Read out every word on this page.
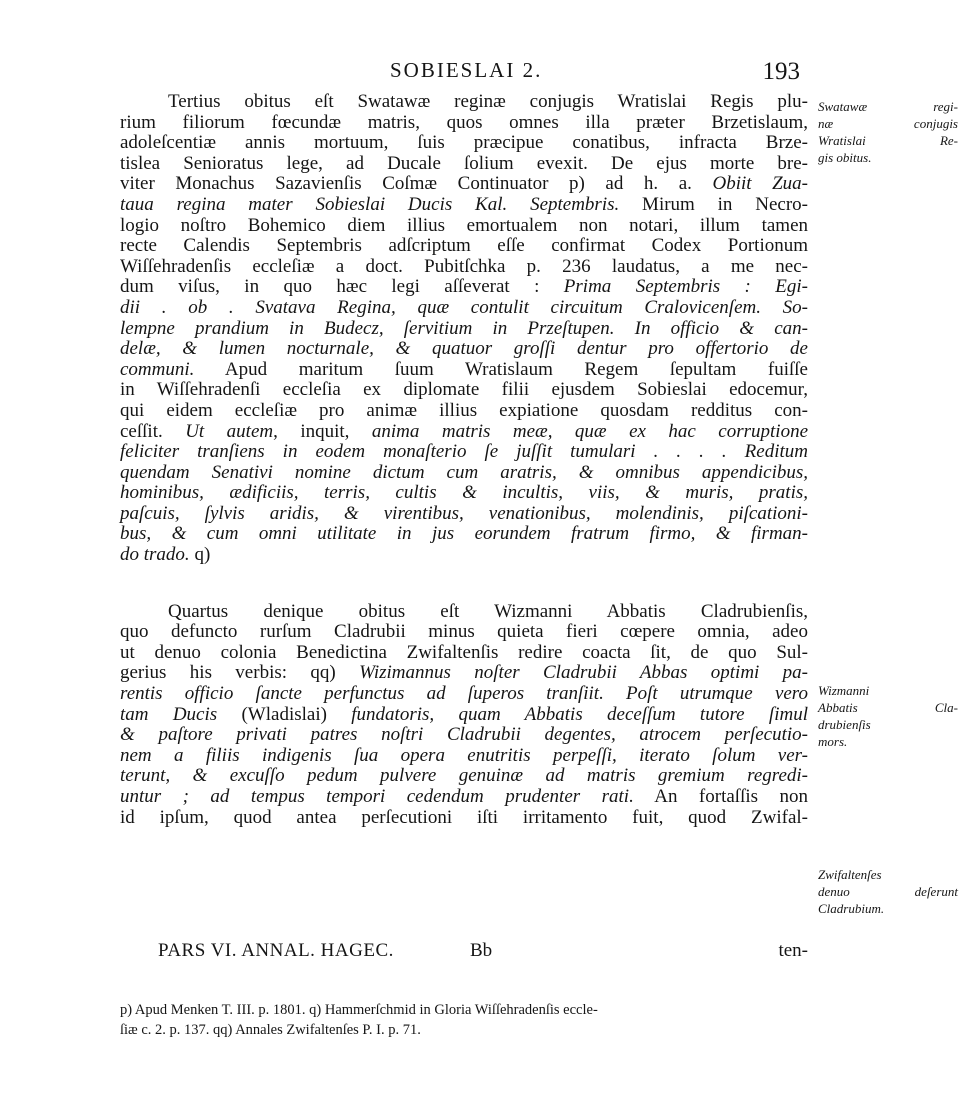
SOBIESLAI 2.	193
Tertius obitus eſt Swatawæ reginæ conjugis Wratislai Regis plu-
rium filiorum fœcundæ matris, quos omnes illa præter Brzetislaum,
adoleſcentiæ annis mortuum, ſuis præcipue conatibus, infracta Brze-
tislea Senioratus lege, ad Ducale ſolium evexit. De ejus morte bre-
viter Monachus Sazavienſis Coſmæ Continuator p) ad h. a. Obiit Zua-
taua regina mater Sobieslai Ducis Kal. Septembris. Mirum in Necro-
logio noſtro Bohemico diem illius emortualem non notari, illum tamen
recte Calendis Septembris adſcriptum eſſe confirmat Codex Portionum
Wiſſehradenſis eccleſiæ a doct. Pubitſchka p. 236 laudatus, a me nec-
dum viſus, in quo hæc legi aſſeverat : Prima Septembris : Egi-
dii . ob . Svatava Regina, quæ contulit circuitum Cralovicenſem. So-
lempne prandium in Budecz, ſervitium in Przeſtupen. In officio & can-
delæ, & lumen nocturnale, & quatuor groſſi dentur pro offertorio de
communi. Apud maritum ſuum Wratislaum Regem ſepultam fuiſſe
in Wiſſehradenſi eccleſia ex diplomate filii ejusdem Sobieslai edocemur,
qui eidem eccleſiæ pro animæ illius expiatione quosdam redditus con-
ceſſit. Ut autem, inquit, anima matris meæ, quæ ex hac corruptione
feliciter tranſiens in eodem monaſterio ſe juſſit tumulari . . . . Reditum
quendam Senativi nomine dictum cum aratris, & omnibus appendicibus,
hominibus, ædificiis, terris, cultis & incultis, viis, & muris, pratis,
paſcuis, ſylvis aridis, & virentibus, venationibus, molendinis, piſcationi-
bus, & cum omni utilitate in jus eorundem fratrum firmo, & firman-
do trado. q)
Quartus denique obitus eſt Wizmanni Abbatis Cladrubienſis,
quo defuncto rurſum Cladrubii minus quieta fieri cœpere omnia, adeo
ut denuo colonia Benedictina Zwifaltenſis redire coacta ſit, de quo Sul-
gerius his verbis: qq) Wizimannus noſter Cladrubii Abbas optimi pa-
rentis officio ſancte perfunctus ad ſuperos tranſiit. Poſt utrumque vero
tam Ducis (Wladislai) fundatoris, quam Abbatis deceſſum tutore ſimul
& paſtore privati patres noſtri Cladrubii degentes, atrocem perſecutio-
nem a filiis indigenis ſua opera enutritis perpeſſi, iterato ſolum ver-
terunt, & excuſſo pedum pulvere genuinæ ad matris gremium regredi-
untur ; ad tempus tempori cedendum prudenter rati. An fortaſſis non
id ipſum, quod antea perſecutioni iſti irritamento fuit, quod Zwifal-
Swatawæ regi-
næ conjugis
Wratislai Re-
gis obitus.
Wizmanni
Abbatis Cla-
drubienſis
mors.
Zwifaltenſes
denuo deſerunt
Cladrubium.
PARS VI. ANNAL. HAGEC.	Bb	ten-
p) Apud Menken T. III. p. 1801. q) Hammerſchmid in Gloria Wiſſehradenſis eccle-
ſiæ c. 2. p. 137. qq) Annales Zwifaltenſes P. I. p. 71.
